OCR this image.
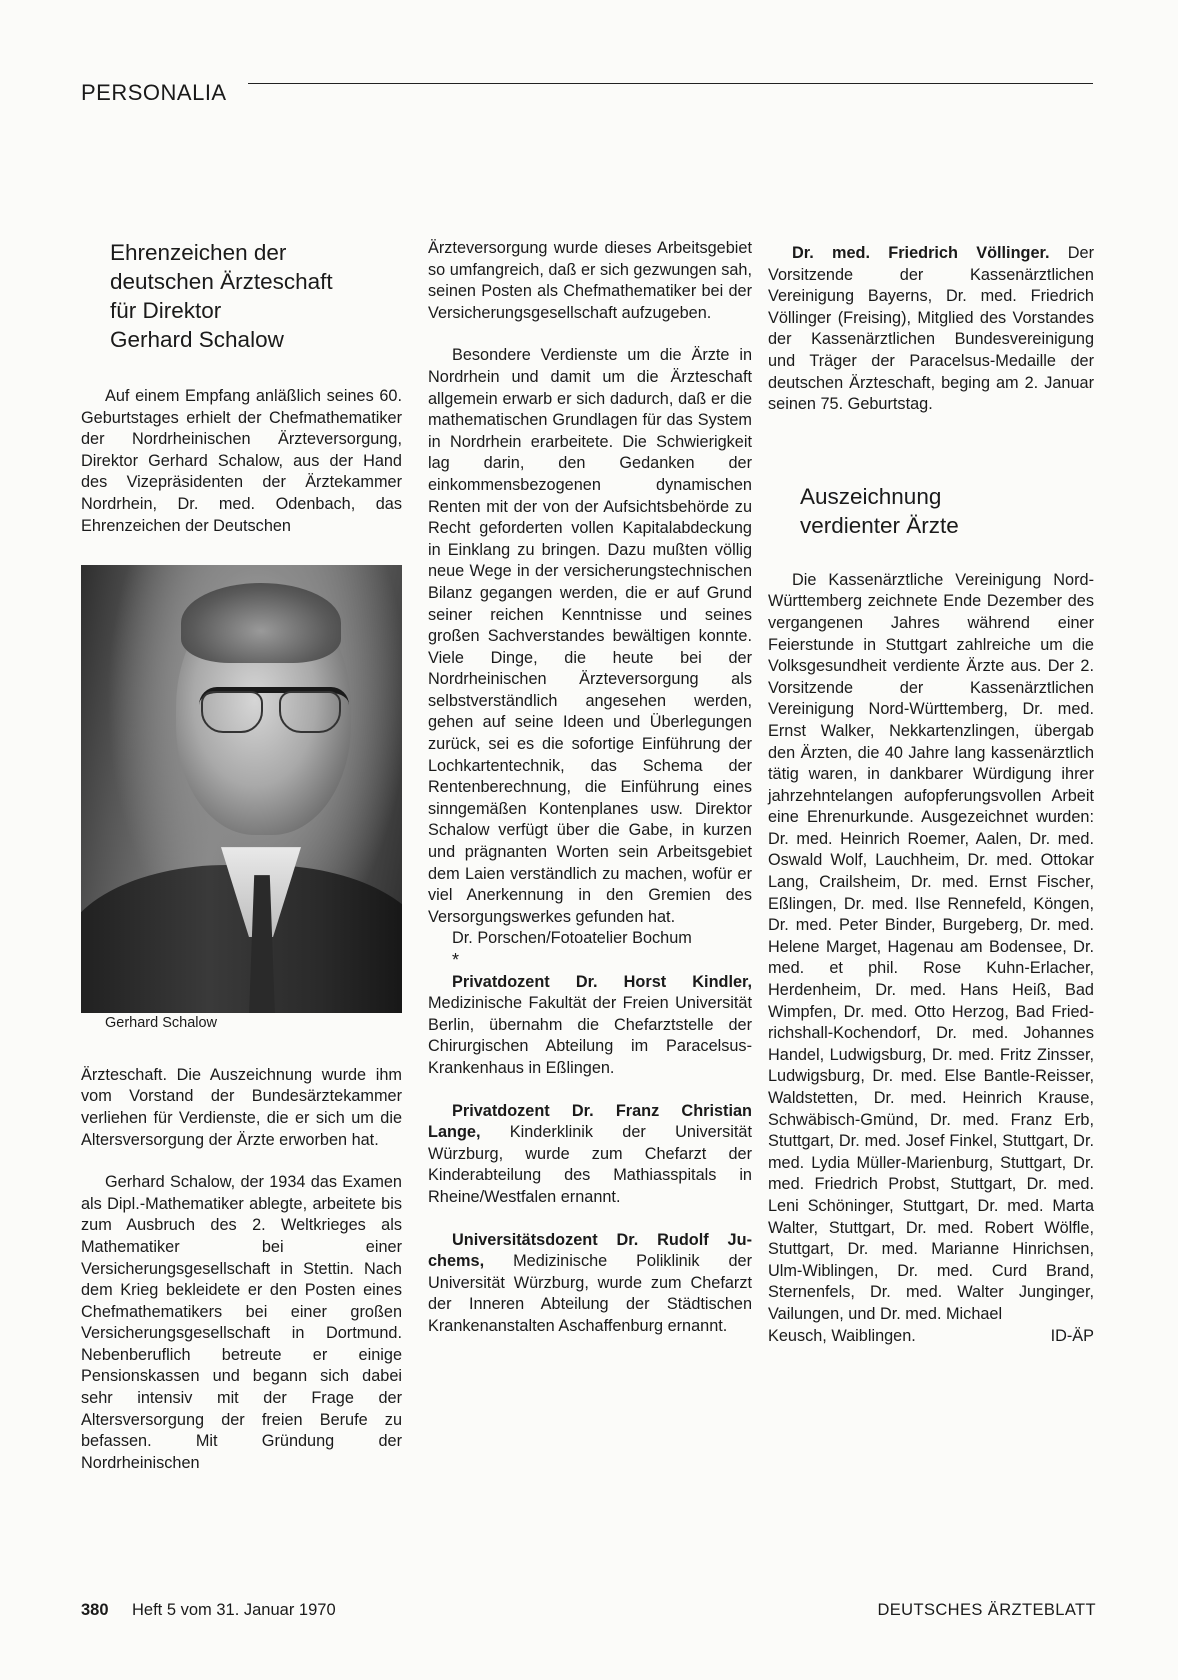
PERSONALIA
Ehrenzeichen der
deutschen Ärzteschaft
für Direktor
Gerhard Schalow

Auf einem Empfang anläßlich seines 60. Geburtstages erhielt der Chefmathematiker der Nordrheinischen Ärzteversorgung, Direktor Gerhard Schalow, aus der Hand des Vizepräsidenten der Ärztekammer Nordrhein, Dr. med. Odenbach, das Ehrenzeichen der Deutschen

Gerhard Schalow

Ärzteschaft. Die Auszeichnung wurde ihm vom Vorstand der Bundesärztekammer verliehen für Verdienste, die er sich um die Altersversorgung der Ärzte erworben hat.

Gerhard Schalow, der 1934 das Examen als Dipl.-Mathematiker ablegte, arbeitete bis zum Ausbruch des 2. Weltkrieges als Mathematiker bei einer Versicherungsgesellschaft in Stettin. Nach dem Krieg bekleidete er den Posten eines Chefmathematikers bei einer großen Versicherungsgesellschaft in Dortmund. Nebenberuflich betreute er einige Pensionskassen und begann sich dabei sehr intensiv mit der Frage der Altersversorgung der freien Berufe zu befassen. Mit Gründung der Nordrheinischen

Ärzteversorgung wurde dieses Arbeitsgebiet so umfangreich, daß er sich gezwungen sah, seinen Posten als Chefmathematiker bei der Versicherungsgesellschaft aufzugeben.

Besondere Verdienste um die Ärzte in Nordrhein und damit um die Ärzteschaft allgemein erwarb er sich dadurch, daß er die mathematischen Grundlagen für das System in Nordrhein erarbeitete. Die Schwierigkeit lag darin, den Gedanken der einkommensbezogenen dynamischen Renten mit der von der Aufsichtsbehörde zu Recht geforderten vollen Kapitalabdeckung in Einklang zu bringen. Dazu mußten völlig neue Wege in der versicherungstechnischen Bilanz gegangen werden, die er auf Grund seiner reichen Kenntnisse und seines großen Sachverstandes bewältigen konnte. Viele Dinge, die heute bei der Nordrheinischen Ärzteversorgung als selbstverständlich angesehen werden, gehen auf seine Ideen und Überlegungen zurück, sei es die sofortige Einführung der Lochkartentechnik, das Schema der Rentenberechnung, die Einführung eines sinngemäßen Kontenplanes usw. Direktor Schalow verfügt über die Gabe, in kurzen und prägnanten Worten sein Arbeitsgebiet dem Laien verständlich zu machen, wofür er viel Anerkennung in den Gremien des Versorgungswerkes gefunden hat.

Dr. Porschen/Fotoatelier Bochum

*

Privatdozent Dr. Horst Kindler, Medizinische Fakultät der Freien Universität Berlin, übernahm die Chefarztstelle der Chirurgischen Abteilung im Paracelsus-Krankenhaus in Eßlingen.

Privatdozent Dr. Franz Christian Lange, Kinderklinik der Universität Würzburg, wurde zum Chefarzt der Kinderabteilung des Mathiasspitals in Rheine/Westfalen ernannt.

Universitätsdozent Dr. Rudolf Juchems, Medizinische Poliklinik der Universität Würzburg, wurde zum Chefarzt der Inneren Abteilung der Städtischen Krankenanstalten Aschaffenburg ernannt.

Dr. med. Friedrich Völlinger. Der Vorsitzende der Kassenärztlichen Vereinigung Bayerns, Dr. med. Friedrich Völlinger (Freising), Mitglied des Vorstandes der Kassenärztlichen Bundesvereinigung und Träger der Paracelsus-Medaille der deutschen Ärzteschaft, beging am 2. Januar seinen 75. Geburtstag.

Auszeichnung
verdienter Ärzte

Die Kassenärztliche Vereinigung Nord-Württemberg zeichnete Ende Dezember des vergangenen Jahres während einer Feierstunde in Stuttgart zahlreiche um die Volksgesundheit verdiente Ärzte aus. Der 2. Vorsitzende der Kassenärztlichen Vereinigung Nord-Württemberg, Dr. med. Ernst Walker, Nekkartenzlingen, übergab den Ärzten, die 40 Jahre lang kassenärztlich tätig waren, in dankbarer Würdigung ihrer jahrzehntelangen aufopferungsvollen Arbeit eine Ehrenurkunde. Ausgezeichnet wurden: Dr. med. Heinrich Roemer, Aalen, Dr. med. Oswald Wolf, Lauchheim, Dr. med. Ottokar Lang, Crailsheim, Dr. med. Ernst Fischer, Eßlingen, Dr. med. Ilse Rennefeld, Köngen, Dr. med. Peter Binder, Burgeberg, Dr. med. Helene Marget, Hagenau am Bodensee, Dr. med. et phil. Rose Kuhn-Erlacher, Herdenheim, Dr. med. Hans Heiß, Bad Wimpfen, Dr. med. Otto Herzog, Bad Friedrichshall-Kochendorf, Dr. med. Johannes Handel, Ludwigsburg, Dr. med. Fritz Zinsser, Ludwigsburg, Dr. med. Else Bantle-Reisser, Waldstetten, Dr. med. Heinrich Krause, Schwäbisch-Gmünd, Dr. med. Franz Erb, Stuttgart, Dr. med. Josef Finkel, Stuttgart, Dr. med. Lydia Müller-Marienburg, Stuttgart, Dr. med. Friedrich Probst, Stuttgart, Dr. med. Leni Schöninger, Stuttgart, Dr. med. Marta Walter, Stuttgart, Dr. med. Robert Wölfle, Stuttgart, Dr. med. Marianne Hinrichsen, Ulm-Wiblingen, Dr. med. Curd Brand, Sternenfels, Dr. med. Walter Junginger, Vailungen, und Dr. med. Michael

Keusch, Waiblingen.	ID-ÄP
380 Heft 5 vom 31. Januar 1970	DEUTSCHES ÄRZTEBLATT
